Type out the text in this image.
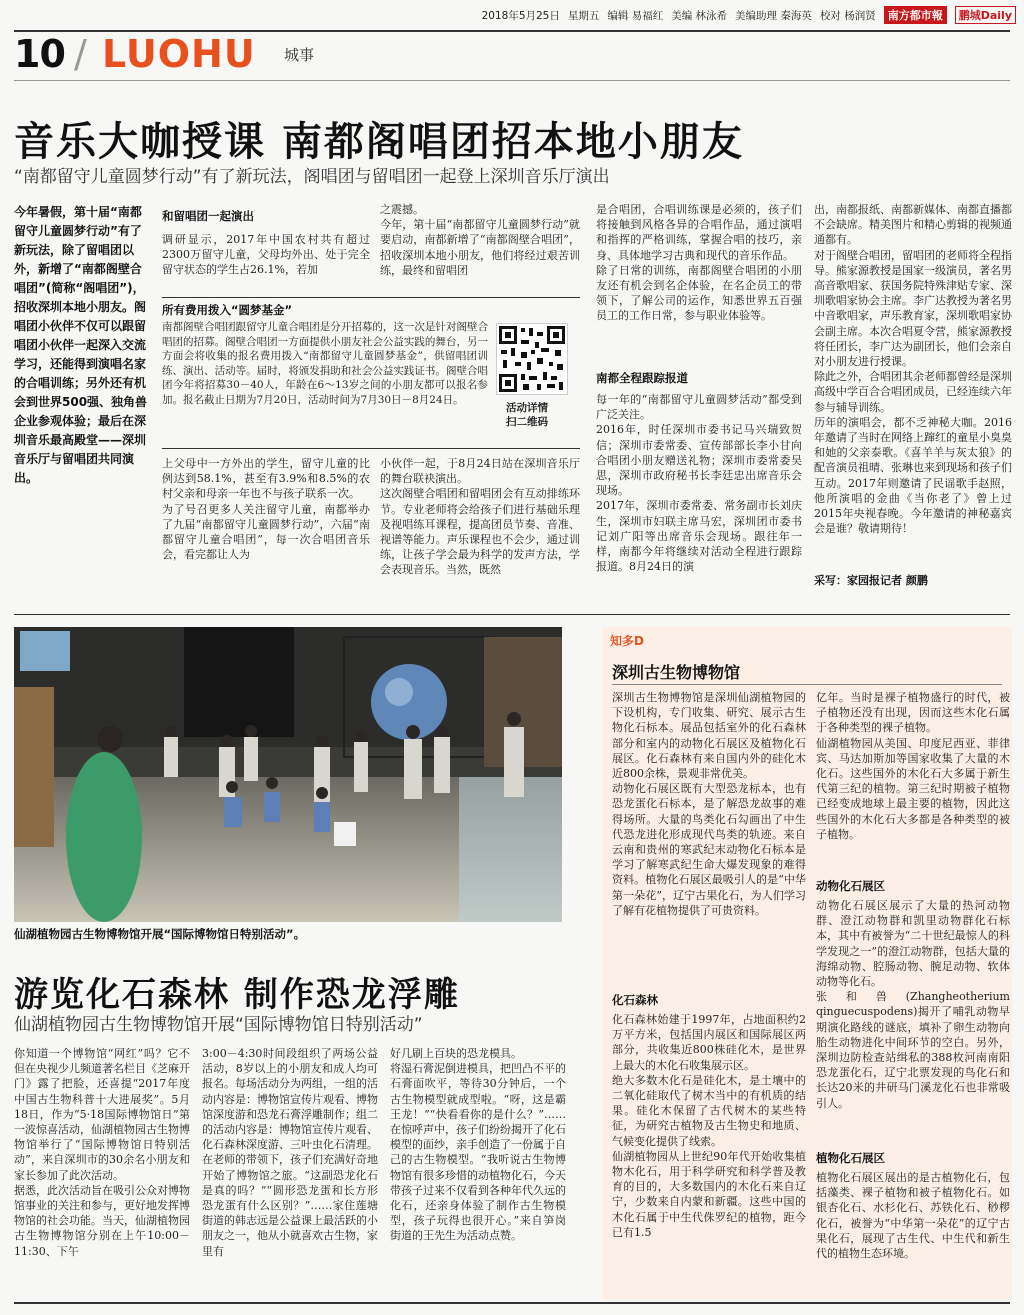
2018年5月25日 星期五 编辑 易福红 美编 林泳希 美编助理 秦海英 校对 杨润贤	南方都市報	鹏城Daily
10 / LUOHU 城事
音乐大咖授课 南都阁唱团招本地小朋友
“南都留守儿童圆梦行动”有了新玩法，阁唱团与留唱团一起登上深圳音乐厅演出
今年暑假，第十届“南都留守儿童圆梦行动”有了新玩法，除了留唱团以外，新增了“南都阁壁合唱团”(简称“阁唱团”)，招收深圳本地小朋友。阁唱团小伙伴不仅可以跟留唱团小伙伴一起深入交流学习，还能得到演唱名家的合唱训练；另外还有机会到世界500强、独角兽企业参观体验；最后在深圳音乐最高殿堂——深圳音乐厅与留唱团共同演出。
和留唱团一起演出
调研显示，2017年中国农村共有超过2300万留守儿童，父母均外出、处于完全留守状态的学生占26.1%，若加
之震撼。
今年，第十届“南都留守儿童圆梦行动”就要启动，南都新增了“南都阁壁合唱团”，招收深圳本地小朋友，他们将经过艰苦训练，最终和留唱团
所有费用拨入“圆梦基金”
南都阁壁合唱团跟留守儿童合唱团是分开招募的，这一次是针对阁壁合唱团的招募。阁壁合唱团一方面提供小朋友社会公益实践的舞台，另一方面会将收集的报名费用拨入“南都留守儿童圆梦基金”，供留唱团训练、演出、活动等。届时，将颁发捐助和社会公益实践证书。阁壁合唱团今年将招募30－40人，年龄在6～13岁之间的小朋友都可以报名参加。报名截止日期为7月20日，活动时间为7月30日－8月24日。
活动详情
扫二维码
上父母中一方外出的学生，留守儿童的比例达到58.1%，甚至有3.9%和8.5%的农村父亲和母亲一年也不与孩子联系一次。
为了号召更多人关注留守儿童，南都举办了九届“南都留守儿童圆梦行动”，六届“南都留守儿童合唱团”，每一次合唱团音乐会，看完都让人为
小伙伴一起，于8月24日站在深圳音乐厅的舞台联袂演出。
这次阁壁合唱团和留唱团会有互动排练环节。专业老师将会给孩子们进行基础乐理及视唱练耳课程，提高团员节奏、音准、视谱等能力。声乐课程也不会少，通过训练，让孩子学会最为科学的发声方法，学会表现音乐。当然，既然
是合唱团，合唱训练课是必须的，孩子们将接触到风格各异的合唱作品，通过演唱和指挥的严格训练，掌握合唱的技巧，亲身、具体地学习古典和现代的音乐作品。
除了日常的训练，南都阁壁合唱团的小朋友还有机会到名企体验，在名企员工的带领下，了解公司的运作，知悉世界五百强员工的工作日常，参与职业体验等。
南都全程跟踪报道
每一年的“南都留守儿童圆梦活动”都受到广泛关注。
2016年，时任深圳市委书记马兴瑞致贺信；深圳市委常委、宣传部部长李小甘向合唱团小朋友赠送礼物；深圳市委常委吴思，深圳市政府秘书长李廷忠出席音乐会现场。
2017年，深圳市委常委、常务副市长刘庆生，深圳市妇联主席马宏，深圳团市委书记刘广阳等出席音乐会现场。跟往年一样，南都今年将继续对活动全程进行跟踪报道。8月24日的演
出，南都报纸、南都新媒体、南都直播都不会缺席。精美图片和精心剪辑的视频通通都有。
对于阁壁合唱团，留唱团的老师将全程指导。熊家源教授是国家一级演员，著名男高音歌唱家、获国务院特殊津贴专家、深圳歌唱家协会主席。李广达教授为著名男中音歌唱家，声乐教育家，深圳歌唱家协会副主席。本次合唱夏令营，熊家源教授将任团长，李广达为副团长，他们会亲自对小朋友进行授课。
除此之外，合唱团其余老师都曾经是深圳高级中学百合合唱团成员，已经连续六年参与辅导训练。
历年的演唱会，都不乏神秘大咖。2016年邀请了当时在网络上蹿红的童星小臭臭和她的父亲泰歌。《喜羊羊与灰太狼》的配音演员祖晴、张琳也来到现场和孩子们互动。2017年则邀请了民谣歌手赵照，他所演唱的金曲《当你老了》曾上过2015年央视春晚。今年邀请的神秘嘉宾会是谁？敬请期待！
采写：家园报记者 颜鹏
仙湖植物园古生物博物馆开展“国际博物馆日特别活动”。
游览化石森林 制作恐龙浮雕
仙湖植物园古生物博物馆开展“国际博物馆日特别活动”
你知道一个博物馆“网红”吗？它不但在央视少儿频道著名栏目《芝麻开门》露了把脸，还喜提“2017年度中国古生物科普十大进展奖”。5月18日，作为“5·18国际博物馆日”第一波惊喜活动，仙湖植物园古生物博物馆举行了“国际博物馆日特别活动”，来自深圳市的30余名小朋友和家长参加了此次活动。
据悉，此次活动旨在吸引公众对博物馆事业的关注和参与，更好地发挥博物馆的社会功能。当天，仙湖植物园古生物博物馆分别在上午10:00－11:30、下午
3:00－4:30时间段组织了两场公益活动，8岁以上的小朋友和成人均可报名。每场活动分为两组，一组的活动内容是：博物馆宣传片观看、博物馆深度游和恐龙石膏浮雕制作；组二的活动内容是：博物馆宣传片观看、化石森林深度游、三叶虫化石清理。
在老师的带领下，孩子们充满好奇地开始了博物馆之旅。“这副恐龙化石是真的吗？”“圆形恐龙蛋和长方形恐龙蛋有什么区别？”……家住莲塘街道的韩志远是公益课上最活跃的小朋友之一，他从小就喜欢古生物，家里有
好几刷上百块的恐龙模具。
将湿石膏泥倒进模具，把凹凸不平的石膏面吹平，等待30分钟后，一个古生物模型就成型啦。“呀，这是霸王龙！”“快看看你的是什么？”……在惊呼声中，孩子们纷纷揭开了化石模型的面纱，亲手创造了一份属于自己的古生物模型。“我听说古生物博物馆有很多珍惜的动植物化石，今天带孩子过来不仅看到各种年代久远的化石，还亲身体验了制作古生物模型，孩子玩得也很开心。”来自笋岗街道的王先生为活动点赞。
知多D
深圳古生物博物馆
深圳古生物博物馆是深圳仙湖植物园的下设机构，专门收集、研究、展示古生物化石标本。展品包括室外的化石森林部分和室内的动物化石展区及植物化石展区。化石森林有来自国内外的硅化木近800余株，景观非常优美。
动物化石展区既有大型恐龙标本，也有恐龙蛋化石标本，是了解恐龙故事的难得场所。大量的鸟类化石勾画出了中生代恐龙进化形成现代鸟类的轨迹。来自云南和贵州的寒武纪末动物化石标本是学习了解寒武纪生命大爆发现象的难得资料。植物化石展区最吸引人的是“中华第一朵花”，辽宁古果化石，为人们学习了解有花植物提供了可贵资料。
化石森林
化石森林始建于1997年，占地面积约2万平方米，包括国内展区和国际展区两部分，共收集近800株硅化木，是世界上最大的木化石收集展示区。
绝大多数木化石是硅化木，是土壤中的二氧化硅取代了树木当中的有机质的结果。硅化木保留了古代树木的某些特征，为研究古植物及古生物史和地质、气候变化提供了线索。
仙湖植物园从上世纪90年代开始收集植物木化石，用于科学研究和科学普及教育的目的，大多数国内的木化石来自辽宁，少数来自内蒙和新疆。这些中国的木化石属于中生代侏罗纪的植物，距今已有1.5
亿年。当时是裸子植物盛行的时代，被子植物还没有出现，因而这些木化石属于各种类型的裸子植物。
仙湖植物园从美国、印度尼西亚、菲律宾、马达加斯加等国家收集了大量的木化石。这些国外的木化石大多属于新生代第三纪的植物。第三纪时期被子植物已经变成地球上最主要的植物，因此这些国外的木化石大多都是各种类型的被子植物。
动物化石展区
动物化石展区展示了大量的热河动物群、澄江动物群和凯里动物群化石标本，其中有被誉为“二十世纪最惊人的科学发现之一”的澄江动物群，包括大量的海绵动物、腔肠动物、腕足动物、软体动物等化石。
张和兽(Zhangheotherium qinguecuspodens)揭开了哺乳动物早期演化路线的谜底，填补了卵生动物向胎生动物进化中间环节的空白。另外，深圳边防检查站缉私的388枚河南南阳恐龙蛋化石，辽宁北票发现的鸟化石和长达20米的井研马门溪龙化石也非常吸引人。
植物化石展区
植物化石展区展出的是古植物化石，包括藻类、裸子植物和被子植物化石。如银杏化石、水杉化石、苏铁化石、桫椤化石，被誉为“中华第一朵花”的辽宁古果化石，展现了古生代、中生代和新生代的植物生态环境。
